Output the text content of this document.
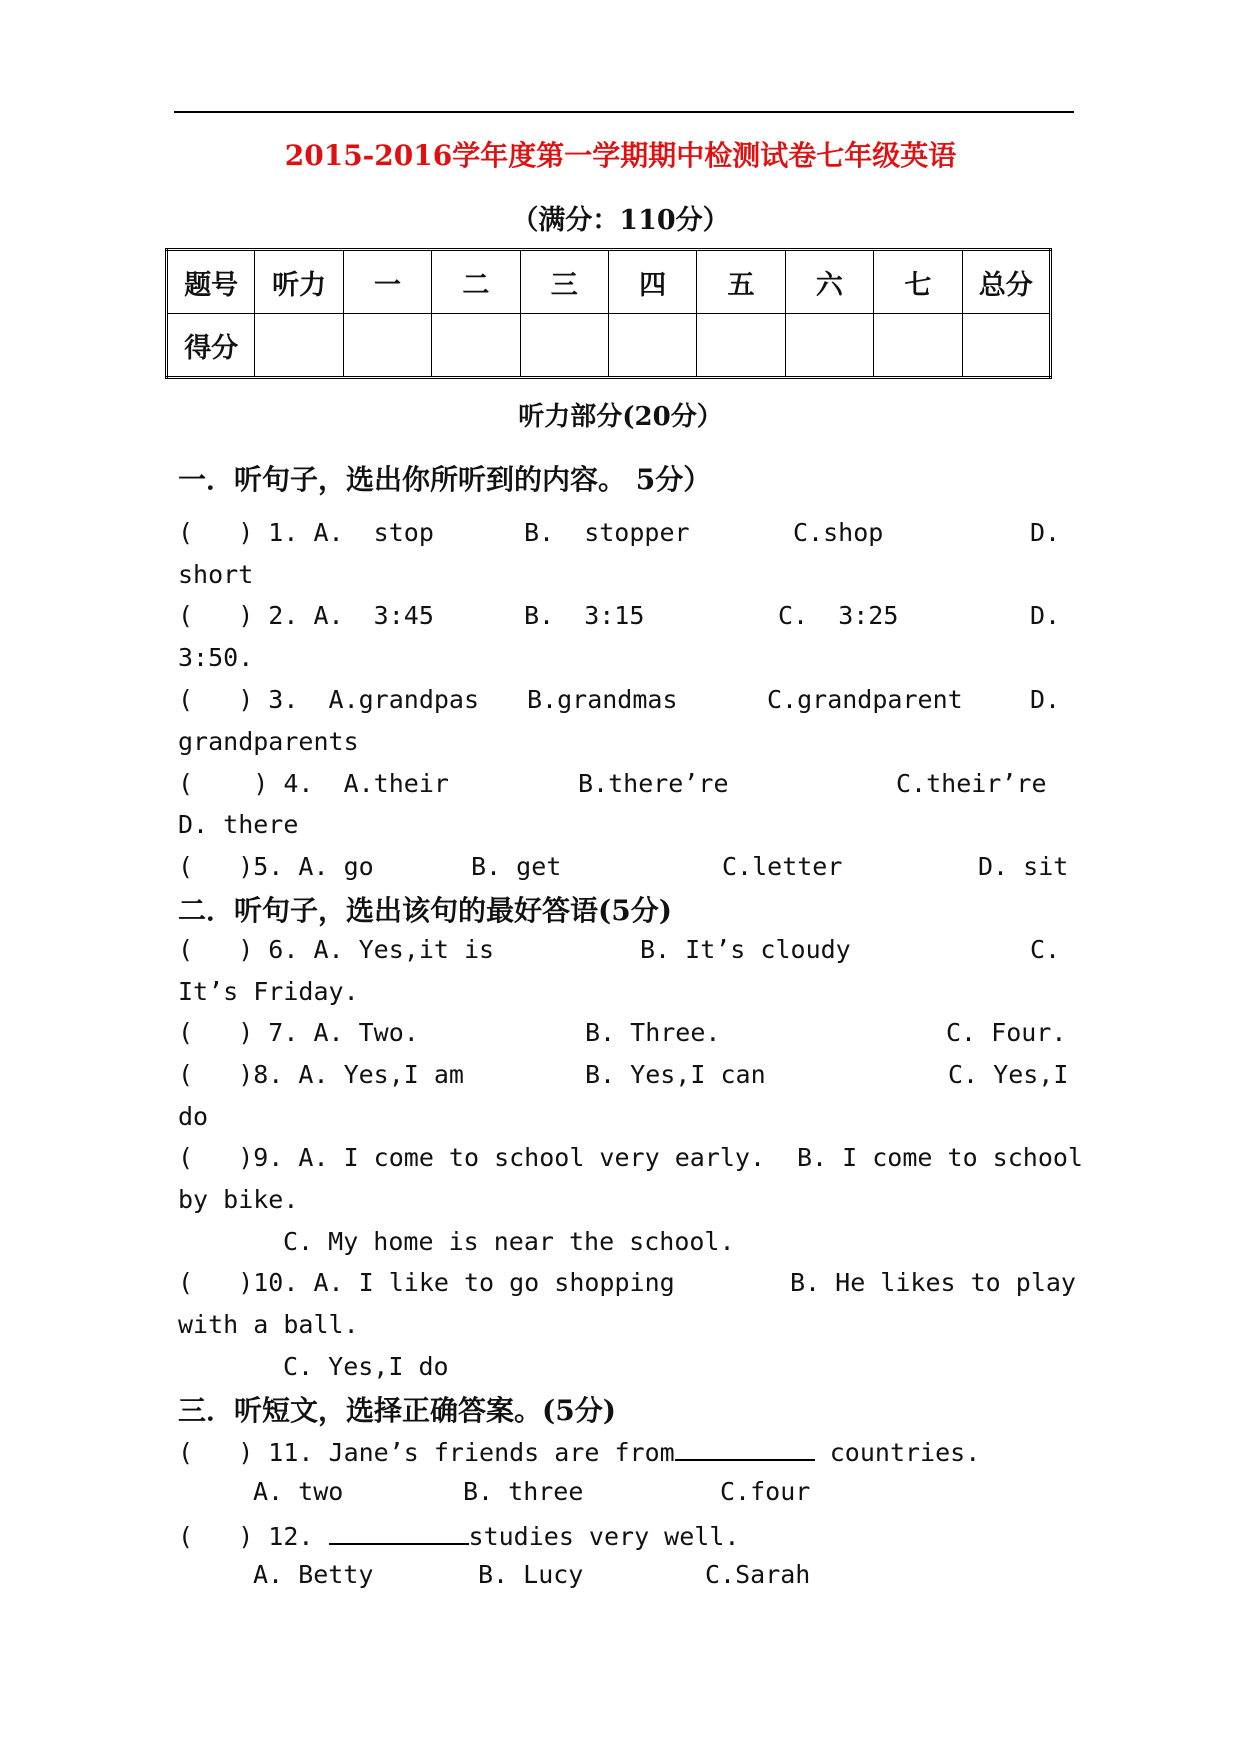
2015-2016学年度第一学期期中检测试卷七年级英语
（满分：110分）
题号	听力	一	二	三	四	五	六	七	总分
得分									
听力部分(20分）
一．听句子，选出你所听到的内容。 5分）
(   ) 1. A.  stop	B.  stopper	C.shop	D.
short
(   ) 2. A.  3:45	B.  3:15	C.  3:25	D.
3:50.
(   ) 3.  A.grandpas B.grandmas	C.grandparent	D.
grandparents
(    ) 4.  A.their	B.there’re	C.their’re
D. there
(   )5. A. go	B. get	C.letter	D. sit
二．听句子，选出该句的最好答语(5分)
(   ) 6. A. Yes,it is	B. It’s cloudy	C.
It’s Friday.
(   ) 7. A. Two.	B. Three.	C. Four.
(   )8. A. Yes,I am	B. Yes,I can	C. Yes,I
do
(   )9. A. I come to school very early. B. I come to school
by bike.
C. My home is near the school.
(   )10. A. I like to go shopping	B. He likes to play
with a ball.
C. Yes,I do
三．听短文，选择正确答案。(5分)
(   ) 11. Jane’s friends are from	countries.
A. two	B. three	C.four
(   ) 12.	studies very well.
A. Betty	B. Lucy	C.Sarah
